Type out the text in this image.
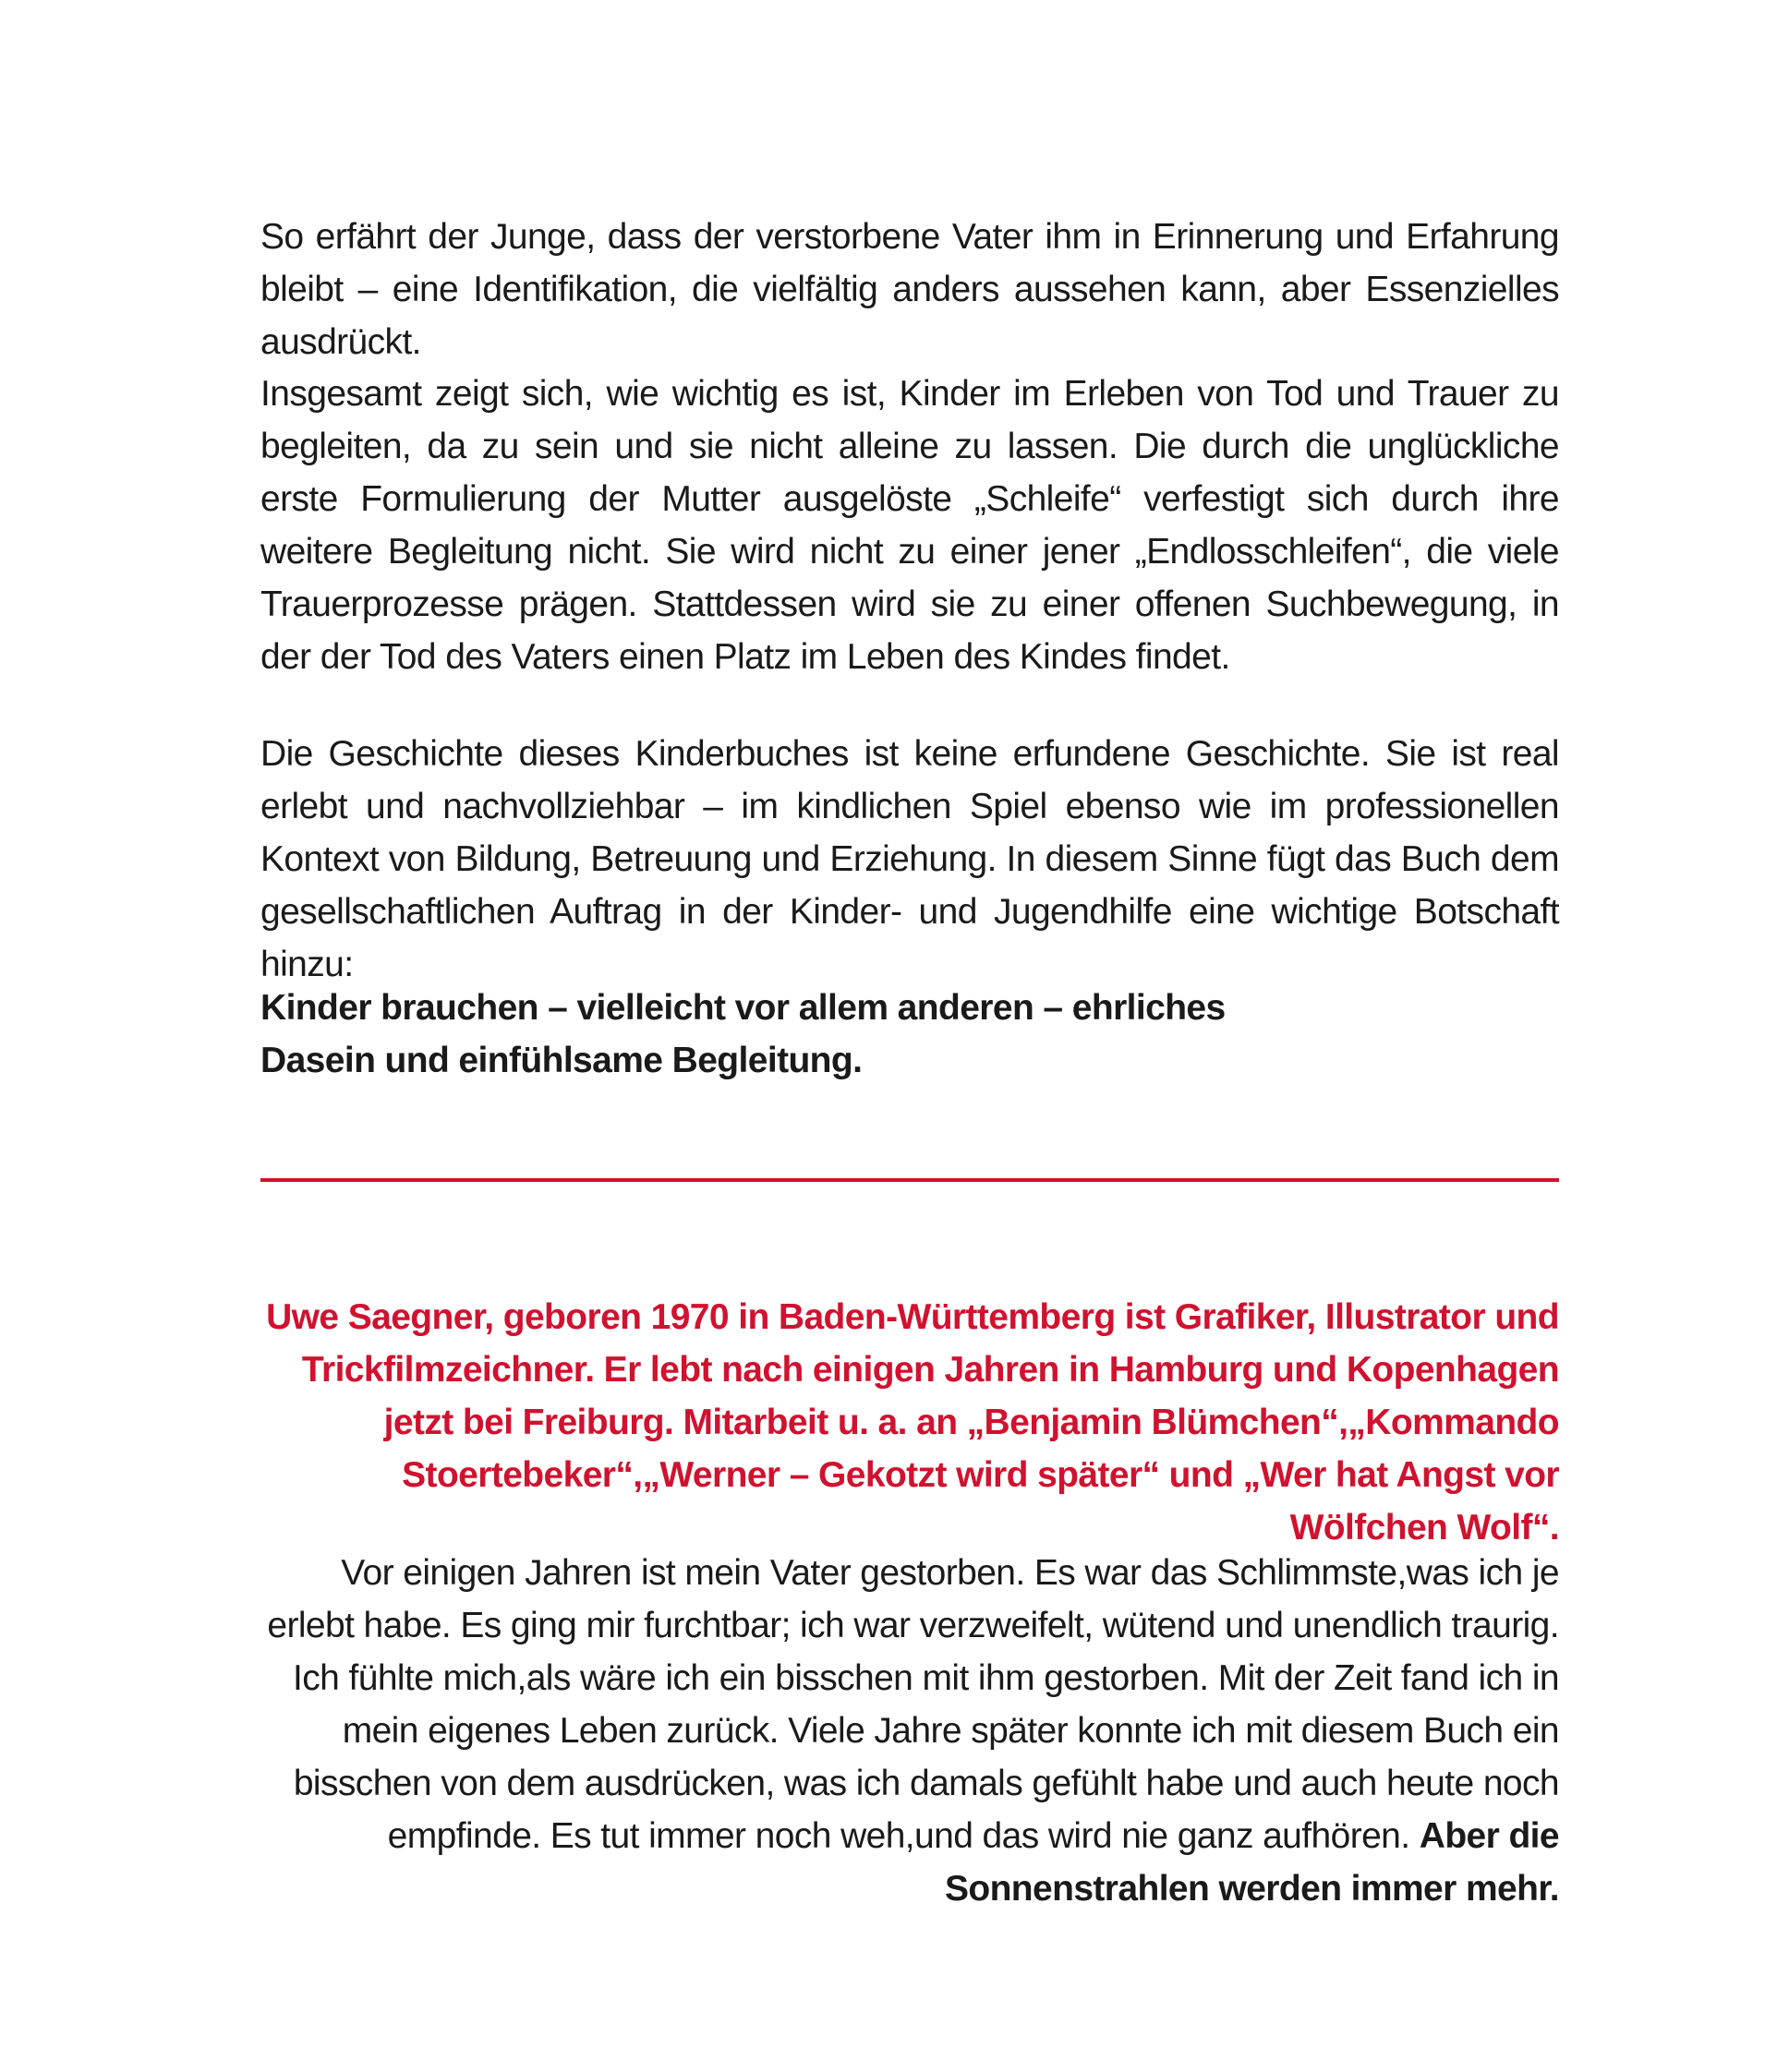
So erfährt der Junge, dass der verstorbene Vater ihm in Erinnerung und Erfahrung bleibt – eine Identifikation, die vielfältig anders aussehen kann, aber Essenzielles ausdrückt.

Insgesamt zeigt sich, wie wichtig es ist, Kinder im Erleben von Tod und Trauer zu begleiten, da zu sein und sie nicht alleine zu lassen. Die durch die unglückliche erste Formulierung der Mutter ausgelöste „Schleife“ verfestigt sich durch ihre weitere Begleitung nicht. Sie wird nicht zu einer jener „Endlosschleifen“, die viele Trauerprozesse prägen. Stattdessen wird sie zu einer offenen Suchbewegung, in der der Tod des Vaters einen Platz im Leben des Kindes findet.

Die Geschichte dieses Kinderbuches ist keine erfundene Geschichte. Sie ist real erlebt und nachvollziehbar – im kindlichen Spiel ebenso wie im professionellen Kontext von Bildung, Betreuung und Erziehung. In diesem Sinne fügt das Buch dem gesellschaftlichen Auftrag in der Kinder- und Jugendhilfe eine wichtige Botschaft hinzu:

Kinder brauchen – vielleicht vor allem anderen – ehrliches Dasein und einfühlsame Begleitung.

Uwe Saegner, geboren 1970 in Baden-Württemberg ist Grafiker, Illustrator und Trickfilmzeichner. Er lebt nach einigen Jahren in Hamburg und Kopenhagen jetzt bei Freiburg. Mitarbeit u. a. an „Benjamin Blümchen“,„Kommando Stoertebeker“,„Werner – Gekotzt wird später“ und „Wer hat Angst vor Wölfchen Wolf“.

Vor einigen Jahren ist mein Vater gestorben. Es war das Schlimmste,was ich je erlebt habe. Es ging mir furchtbar; ich war verzweifelt, wütend und unendlich traurig. Ich fühlte mich,als wäre ich ein bisschen mit ihm gestorben. Mit der Zeit fand ich in mein eigenes Leben zurück. Viele Jahre später konnte ich mit diesem Buch ein bisschen von dem ausdrücken, was ich damals gefühlt habe und auch heute noch empfinde. Es tut immer noch weh,und das wird nie ganz aufhören. Aber die Sonnenstrahlen werden immer mehr.
